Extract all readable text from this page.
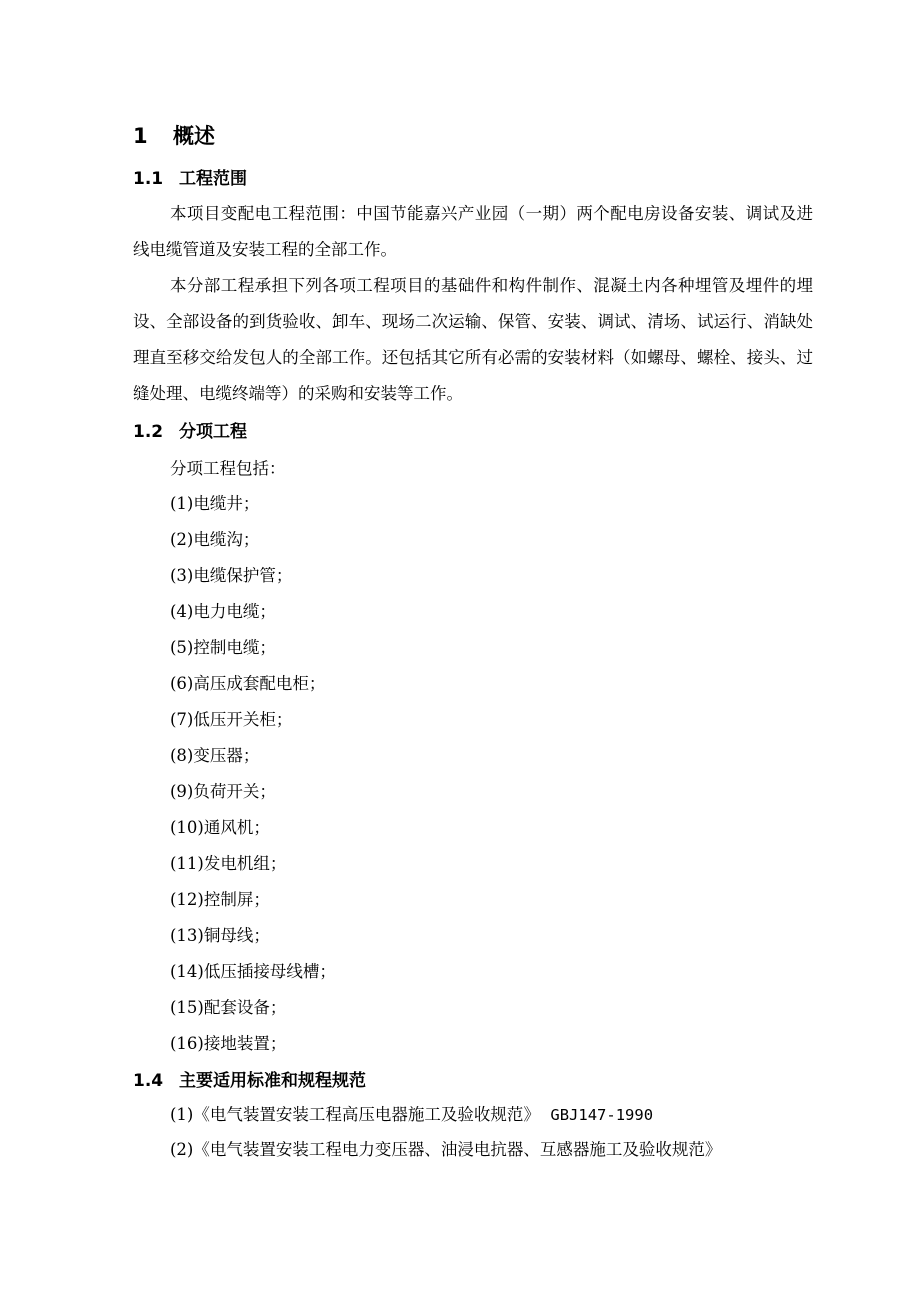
1 概述
1.1 工程范围

本项目变配电工程范围：中国节能嘉兴产业园（一期）两个配电房设备安装、调试及进线电缆管道及安装工程的全部工作。

本分部工程承担下列各项工程项目的基础件和构件制作、混凝土内各种埋管及埋件的埋设、全部设备的到货验收、卸车、现场二次运输、保管、安装、调试、清场、试运行、消缺处理直至移交给发包人的全部工作。还包括其它所有必需的安装材料（如螺母、螺栓、接头、过缝处理、电缆终端等）的采购和安装等工作。

1.2 分项工程
分项工程包括：
(1)电缆井；
(2)电缆沟；
(3)电缆保护管；
(4)电力电缆；
(5)控制电缆；
(6)高压成套配电柜；
(7)低压开关柜；
(8)变压器；
(9)负荷开关；
(10)通风机；
(11)发电机组；
(12)控制屏；
(13)铜母线；
(14)低压插接母线槽；
(15)配套设备；
(16)接地装置；
1.4 主要适用标准和规程规范
(1)《电气装置安装工程高压电器施工及验收规范》 GBJ147-1990
(2)《电气装置安装工程电力变压器、油浸电抗器、互感器施工及验收规范》
